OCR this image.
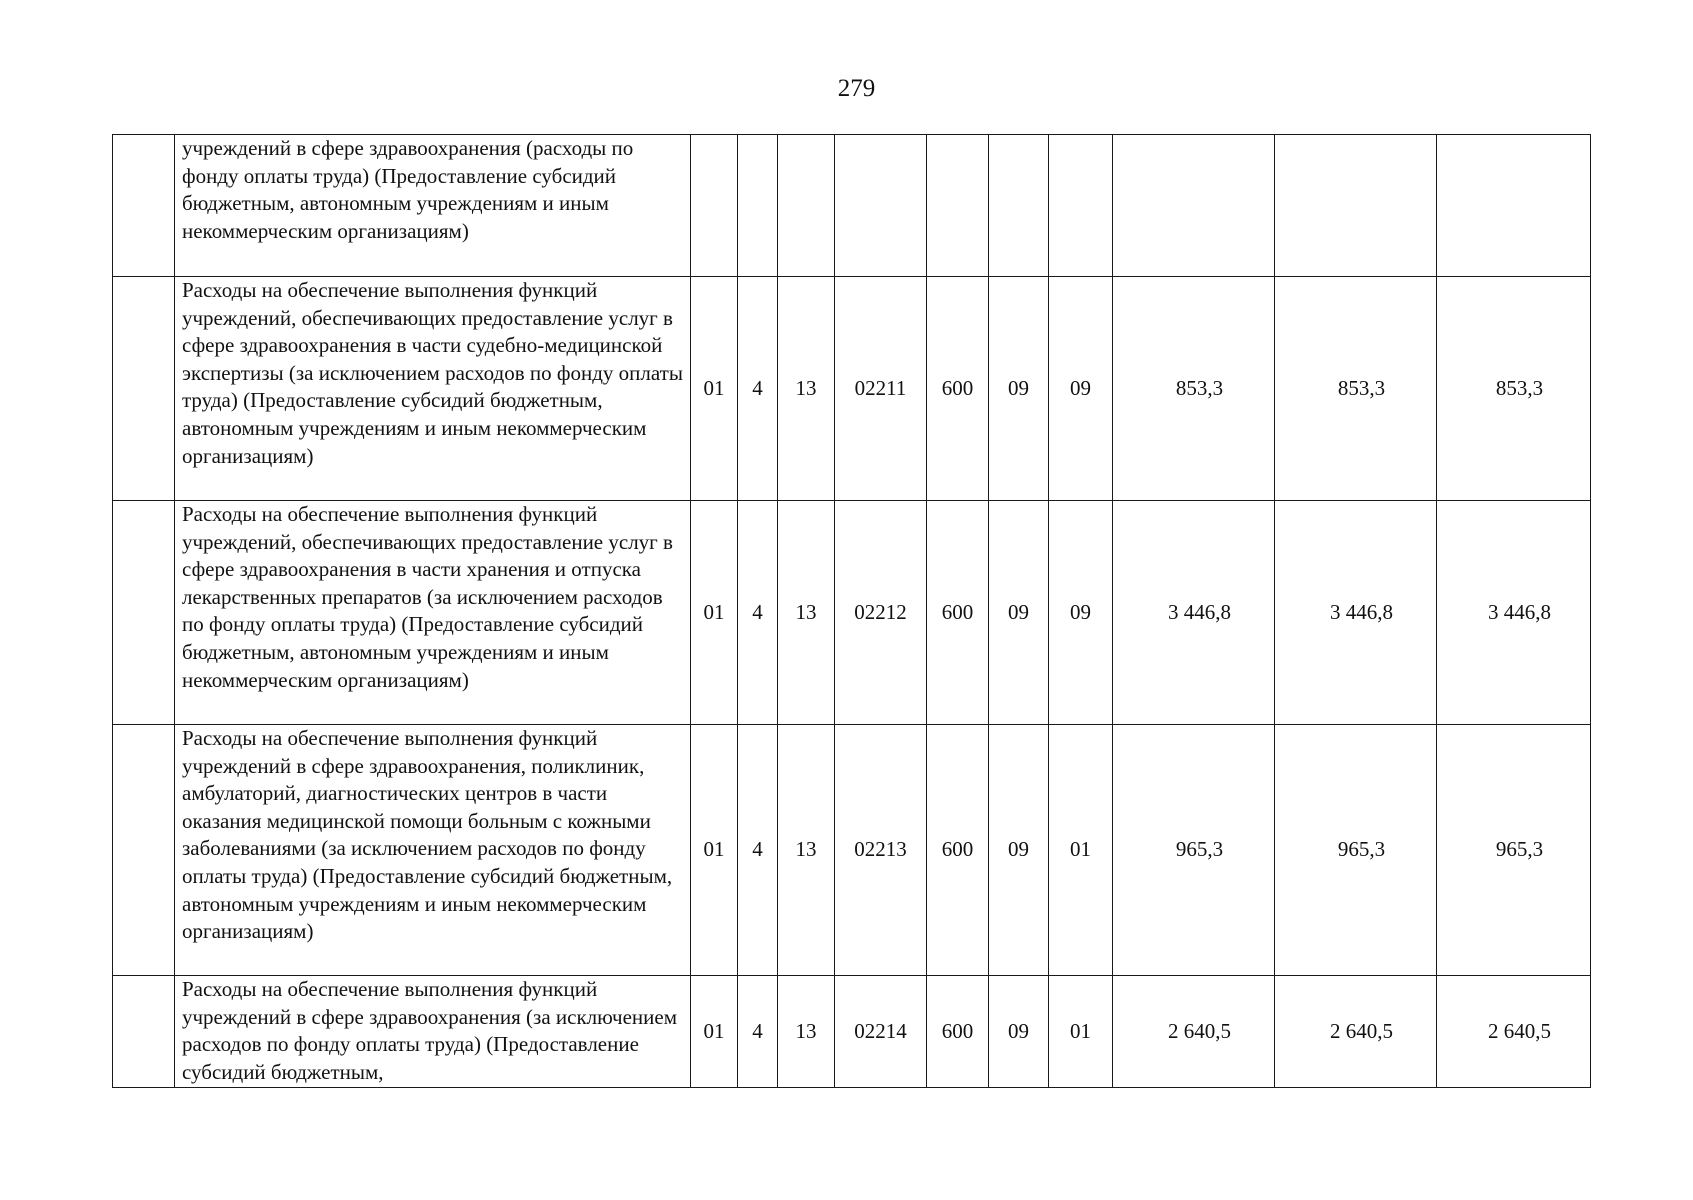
279
	учреждений в сфере здравоохранения (расходы по фонду оплаты труда) (Предоставление субсидий бюджетным, автономным учреждениям и иным некоммерческим организациям)										
	Расходы на обеспечение выполнения функций учреждений, обеспечивающих предоставление услуг в сфере здравоохранения в части судебно-медицинской экспертизы (за исключением расходов по фонду оплаты труда) (Предоставление субсидий бюджетным, автономным учреждениям и иным некоммерческим организациям)	01	4	13	02211	600	09	09	853,3	853,3	853,3
	Расходы на обеспечение выполнения функций учреждений, обеспечивающих предоставление услуг в сфере здравоохранения в части хранения и отпуска лекарственных препаратов (за исключением расходов по фонду оплаты труда) (Предоставление субсидий бюджетным, автономным учреждениям и иным некоммерческим организациям)	01	4	13	02212	600	09	09	3 446,8	3 446,8	3 446,8
	Расходы на обеспечение выполнения функций учреждений в сфере здравоохранения, поликлиник, амбулаторий, диагностических центров в части оказания медицинской помощи больным с кожными заболеваниями (за исключением расходов по фонду оплаты труда) (Предоставление субсидий бюджетным, автономным учреждениям и иным некоммерческим организациям)	01	4	13	02213	600	09	01	965,3	965,3	965,3
	Расходы на обеспечение выполнения функций учреждений в сфере здравоохранения (за исключением расходов по фонду оплаты труда) (Предоставление субсидий бюджетным,	01	4	13	02214	600	09	01	2 640,5	2 640,5	2 640,5
